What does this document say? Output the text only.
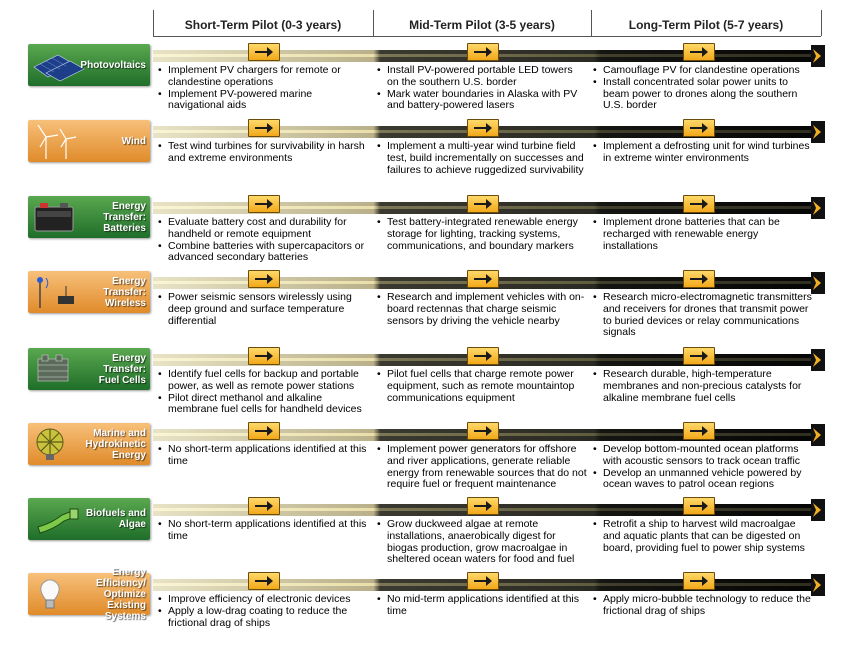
Short-Term Pilot (0-3 years)	Mid-Term Pilot (3-5 years)	Long-Term Pilot (5-7 years)
Photovoltaics • Implement PV chargers for remote or clandestine operations
• Implement PV-powered marine navigational aids
• Install PV-powered portable LED towers on the southern U.S. border
• Mark water boundaries in Alaska with PV and battery-powered lasers
• Camouflage PV for clandestine operations
• Install concentrated solar power units to beam power to drones along the southern U.S. border
Wind • Test wind turbines for survivability in harsh and extreme environments
• Implement a multi-year wind turbine field test, build incrementally on successes and failures to achieve ruggedized survivability
• Implement a defrosting unit for wind turbines in extreme winter environments
Energy Transfer:
Batteries • Evaluate battery cost and durability for handheld or remote equipment
• Combine batteries with supercapacitors or advanced secondary batteries
• Test battery-integrated renewable energy storage for lighting, tracking systems, communications, and boundary markers
• Implement drone batteries that can be recharged with renewable energy installations
Energy Transfer:
Wireless • Power seismic sensors wirelessly using deep ground and surface temperature differential
• Research and implement vehicles with on-board rectennas that charge seismic sensors by driving the vehicle nearby
• Research micro-electromagnetic transmitters and receivers for drones that transmit power to buried devices or relay communications signals
Energy Transfer:
Fuel Cells • Identify fuel cells for backup and portable power, as well as remote power stations
• Pilot direct methanol and alkaline membrane fuel cells for handheld devices
• Pilot fuel cells that charge remote power equipment, such as remote mountaintop communications equipment
• Research durable, high-temperature membranes and non-precious catalysts for alkaline membrane fuel cells
Marine and
Hydrokinetic
Energy • No short-term applications identified at this time
• Implement power generators for offshore and river applications, generate reliable energy from renewable sources that do not require fuel or frequent maintenance
• Develop bottom-mounted ocean platforms with acoustic sensors to track ocean traffic
• Develop an unmanned vehicle powered by ocean waves to patrol ocean regions
Biofuels and
Algae • No short-term applications identified at this time
• Grow duckweed algae at remote installations, anaerobically digest for biogas production, grow macroalgae in sheltered ocean waters for food and fuel
• Retrofit a ship to harvest wild macroalgae and aquatic plants that can be digested on board, providing fuel to power ship systems
Energy Efficiency/
Optimize Existing
Systems
• Improve efficiency of electronic devices
• Apply a low-drag coating to reduce the frictional drag of ships
• No mid-term applications identified at this time
• Apply micro-bubble technology to reduce the frictional drag of ships
